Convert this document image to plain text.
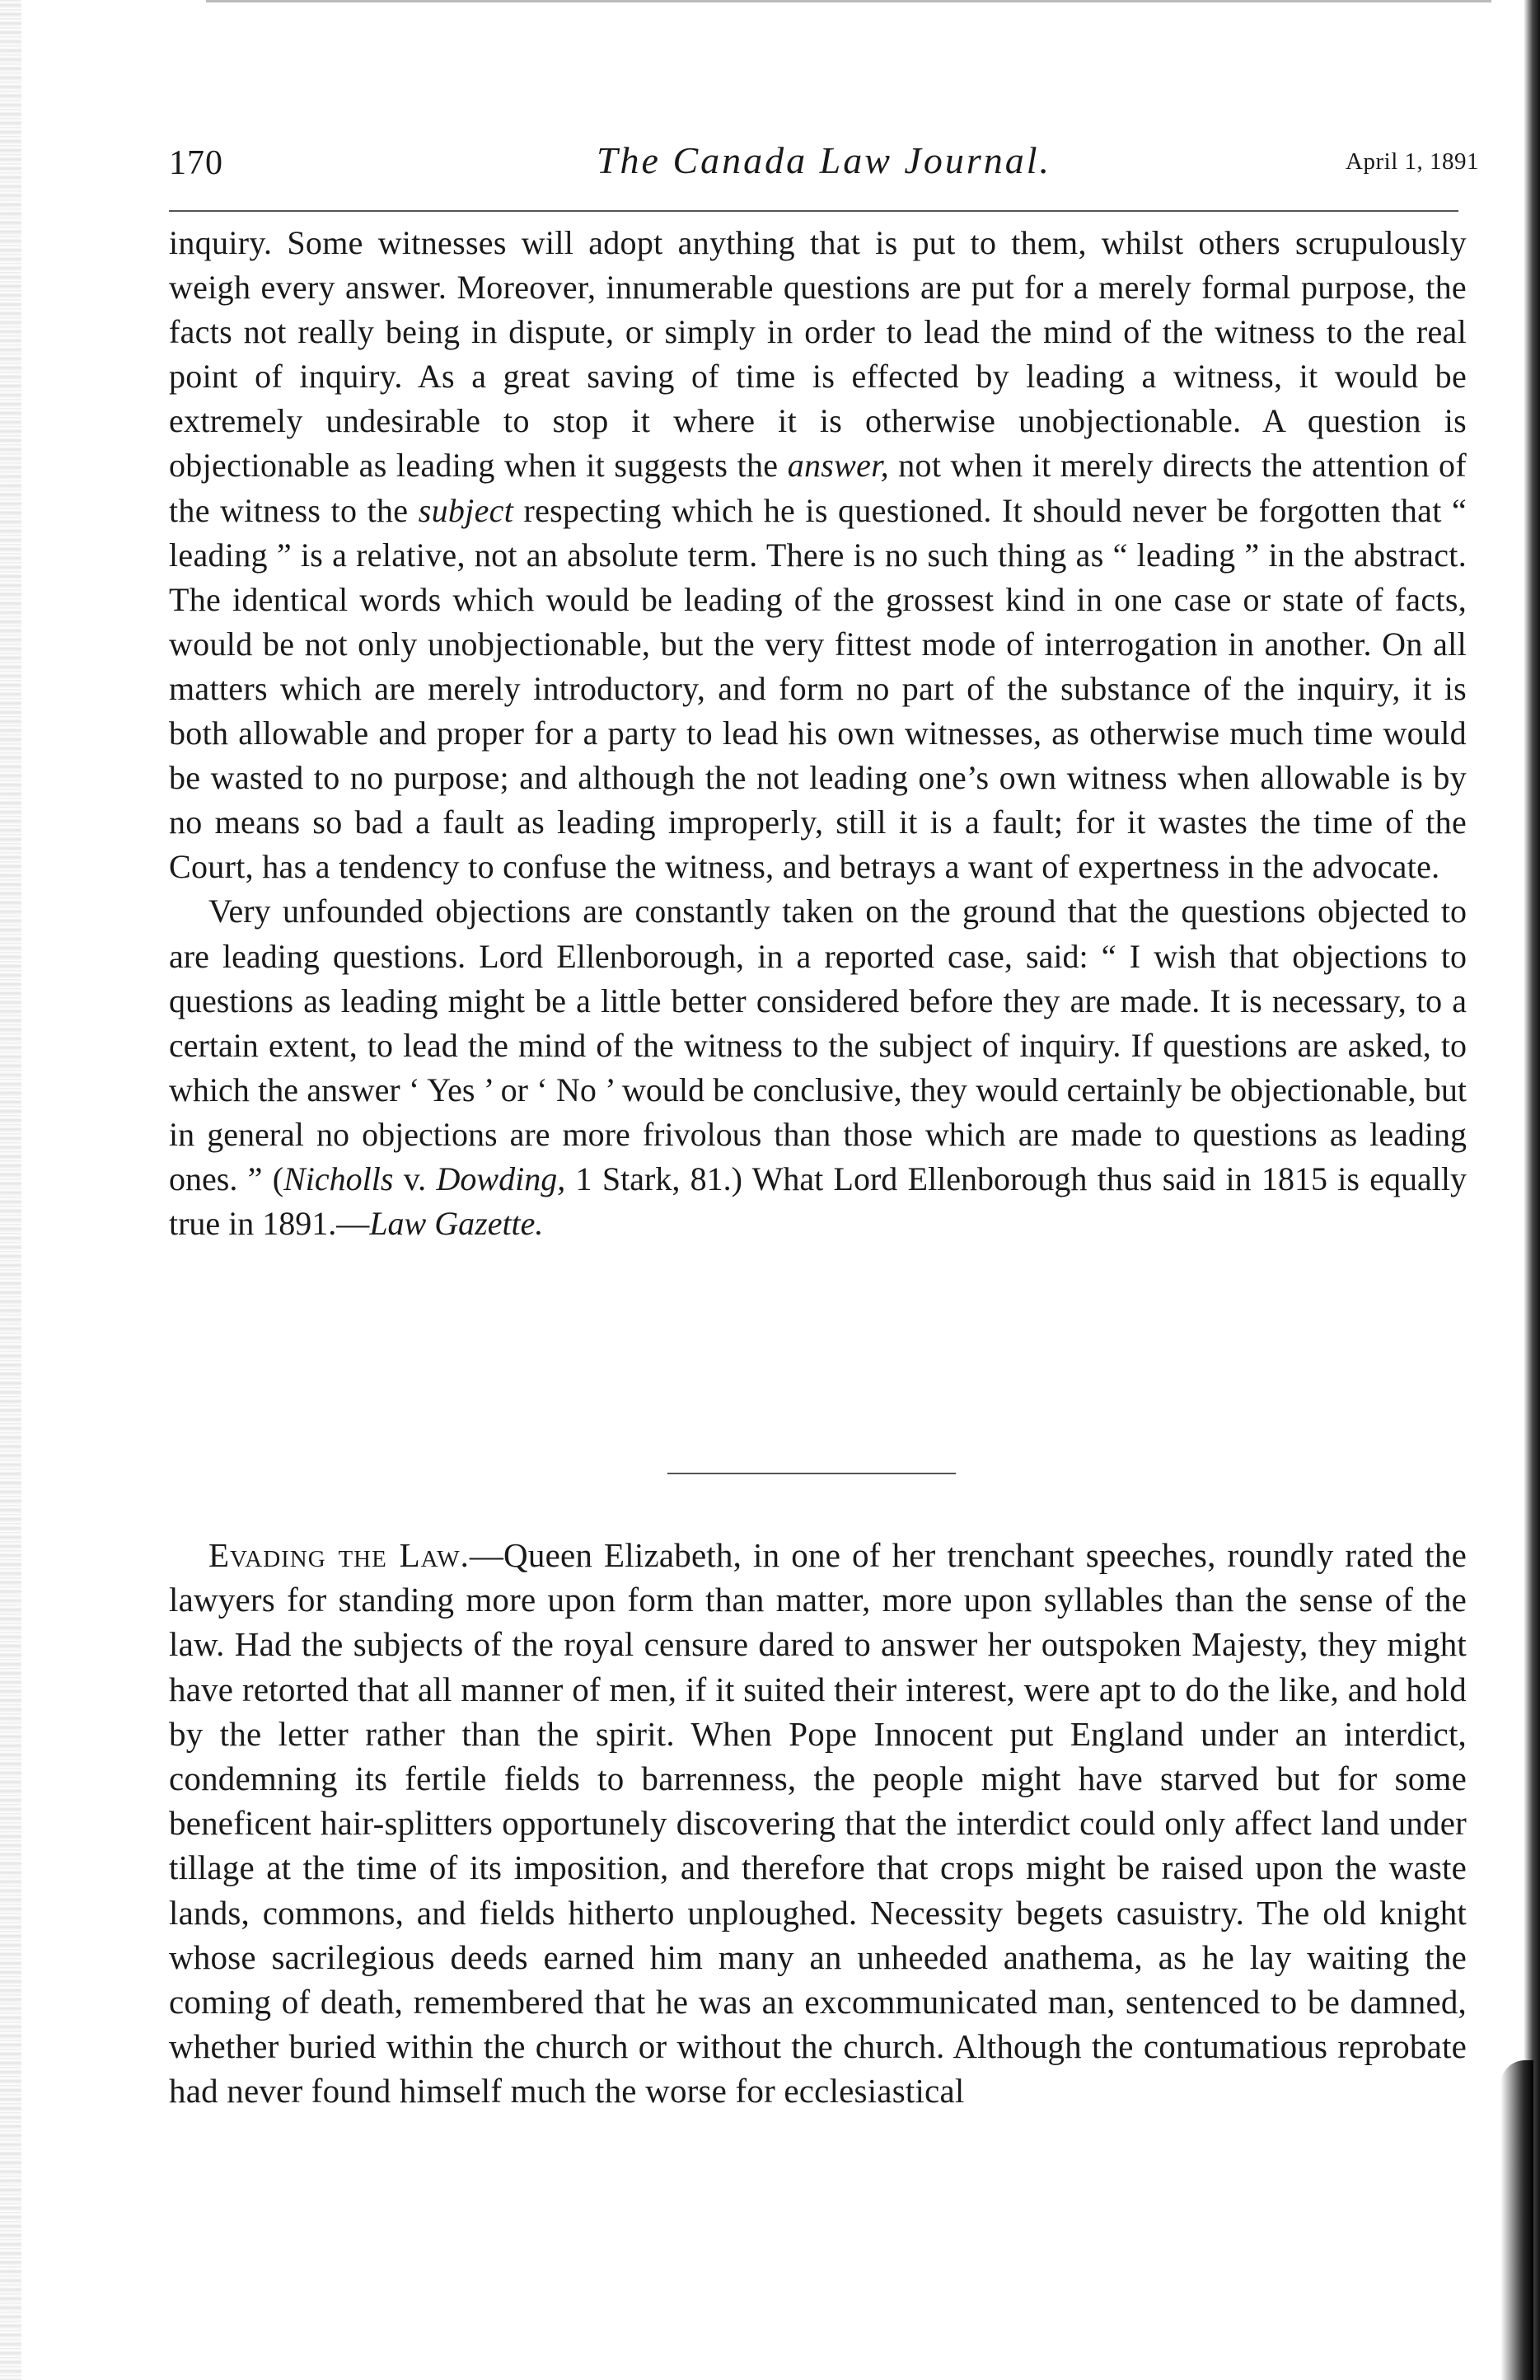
170	The Canada Law Journal.	April 1, 1891

inquiry. Some witnesses will adopt anything that is put to them, whilst others scrupulously weigh every answer. Moreover, innumerable questions are put for a merely formal purpose, the facts not really being in dispute, or simply in order to lead the mind of the witness to the real point of inquiry. As a great saving of time is effected by leading a witness, it would be extremely undesirable to stop it where it is otherwise unobjectionable. A question is objectionable as leading when it suggests the answer, not when it merely directs the attention of the witness to the subject respecting which he is questioned. It should never be forgotten that “ leading ” is a relative, not an absolute term. There is no such thing as “ leading ” in the abstract. The identical words which would be leading of the grossest kind in one case or state of facts, would be not only unobjectionable, but the very fittest mode of interrogation in another. On all matters which are merely introductory, and form no part of the substance of the inquiry, it is both allowable and proper for a party to lead his own witnesses, as otherwise much time would be wasted to no purpose; and although the not leading one’s own witness when allowable is by no means so bad a fault as leading improperly, still it is a fault; for it wastes the time of the Court, has a tendency to confuse the witness, and betrays a want of expertness in the advocate.

Very unfounded objections are constantly taken on the ground that the questions objected to are leading questions. Lord Ellenborough, in a reported case, said: “ I wish that objections to questions as leading might be a little better considered before they are made. It is necessary, to a certain extent, to lead the mind of the witness to the subject of inquiry. If questions are asked, to which the answer ‘ Yes ’ or ‘ No ’ would be conclusive, they would certainly be objectionable, but in general no objections are more frivolous than those which are made to questions as leading ones. ” (Nicholls v. Dowding, 1 Stark, 81.) What Lord Ellenborough thus said in 1815 is equally true in 1891.—Law Gazette.

Evading the Law.—Queen Elizabeth, in one of her trenchant speeches, roundly rated the lawyers for standing more upon form than matter, more upon syllables than the sense of the law. Had the subjects of the royal censure dared to answer her outspoken Majesty, they might have retorted that all manner of men, if it suited their interest, were apt to do the like, and hold by the letter rather than the spirit. When Pope Innocent put England under an interdict, condemning its fertile fields to barrenness, the people might have starved but for some beneficent hair-splitters opportunely discovering that the interdict could only affect land under tillage at the time of its imposition, and therefore that crops might be raised upon the waste lands, commons, and fields hitherto unploughed. Necessity begets casuistry. The old knight whose sacrilegious deeds earned him many an unheeded anathema, as he lay waiting the coming of death, remembered that he was an excommunicated man, sentenced to be damned, whether buried within the church or without the church. Although the contumatious reprobate had never found himself much the worse for ecclesiastical
